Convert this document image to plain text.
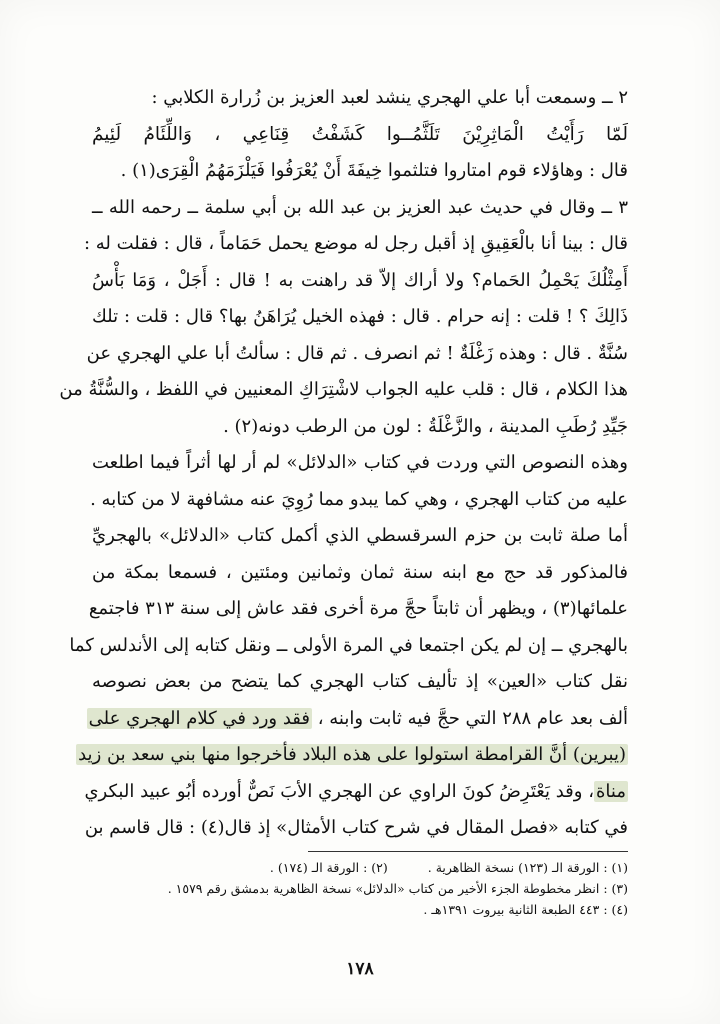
٢ ــ وسمعت أبا علي الهجري ينشد لعبد العزيز بن زُرارة الكلابي :
لَمّا رَأَيْتُ الْمَاثِرِيْنَ تَلَثَّمُــوا كَشَفْتُ قِنَاعِي ، وَاللِّئَامُ لَئِيمُ
قال : وهاؤلاء قوم امتاروا فتلثموا خِيفَةَ أَنْ يُعْرَفُوا فَيَلْزَمَهُمُ الْقِرَى(١) .
٣ ــ وقال في حديث عبد العزيز بن عبد الله بن أبي سلمة ــ رحمه الله ــ
قال : بينا أنا بالْعَقِيقِ إذ أقبل رجل له موضع يحمل حَمَاماً ، قال : فقلت له :
أَمِثْلُكَ يَحْمِلُ الحَمام؟ ولا أراك إلاّ قد راهنت به ! قال : أَجَلْ ، وَمَا بَأْسُ
ذَالِكَ ؟ ! قلت : إنه حرام . قال : فهذه الخيل يُرَاهَنُ بها؟ قال : قلت : تلك
سُنَّةٌ . قال : وهذه زَغْلَةٌ ! ثم انصرف . ثم قال : سألتُ أبا علي الهجري عن
هذا الكلام ، قال : قلب عليه الجواب لاشْتِرَاكِ المعنيين في اللفظ ، والسُّنَّةُ من
جَيِّدِ رُطَبِ المدينة ، والزَّغْلَةُ : لون من الرطب دونه(٢) .
وهذه النصوص التي وردت في كتاب «الدلائل» لم أر لها أثراً فيما اطلعت
عليه من كتاب الهجري ، وهي كما يبدو مما رُوِيَ عنه مشافهة لا من كتابه .
أما صلة ثابت بن حزم السرقسطي الذي أكمل كتاب «الدلائل» بالهجريِّ
فالمذكور قد حج مع ابنه سنة ثمان وثمانين ومئتين ، فسمعا بمكة من
علمائها(٣) ، ويظهر أن ثابتاً حجَّ مرة أخرى فقد عاش إلى سنة ٣١٣ فاجتمع
بالهجري ــ إن لم يكن اجتمعا في المرة الأولى ــ ونقل كتابه إلى الأندلس كما
نقل كتاب «العين» إذ تأليف كتاب الهجري كما يتضح من بعض نصوصه
ألف بعد عام ٢٨٨ التي حجَّ فيه ثابت وابنه ، فقد ورد في كلام الهجري على
(يبرين) أنَّ القرامطة استولوا على هذه البلاد فأخرجوا منها بني سعد بن زيد
مناة، وقد يَعْتَرِضُ كونَ الراوي عن الهجري الأبَ نَصٌّ أورده أبُو عبيد البكري
في كتابه «فصل المقال في شرح كتاب الأمثال» إذ قال(٤) : قال قاسم بن
(١) : الورقة الـ (١٢٣) نسخة الظاهرية .(٢) : الورقة الـ (١٧٤) .
(٣) : انظر مخطوطة الجزء الأخير من كتاب «الدلائل» نسخة الظاهرية بدمشق رقم ١٥٧٩ .
(٤) : ٤٤٣ الطبعة الثانية بيروت ١٣٩١هـ .
١٧٨
